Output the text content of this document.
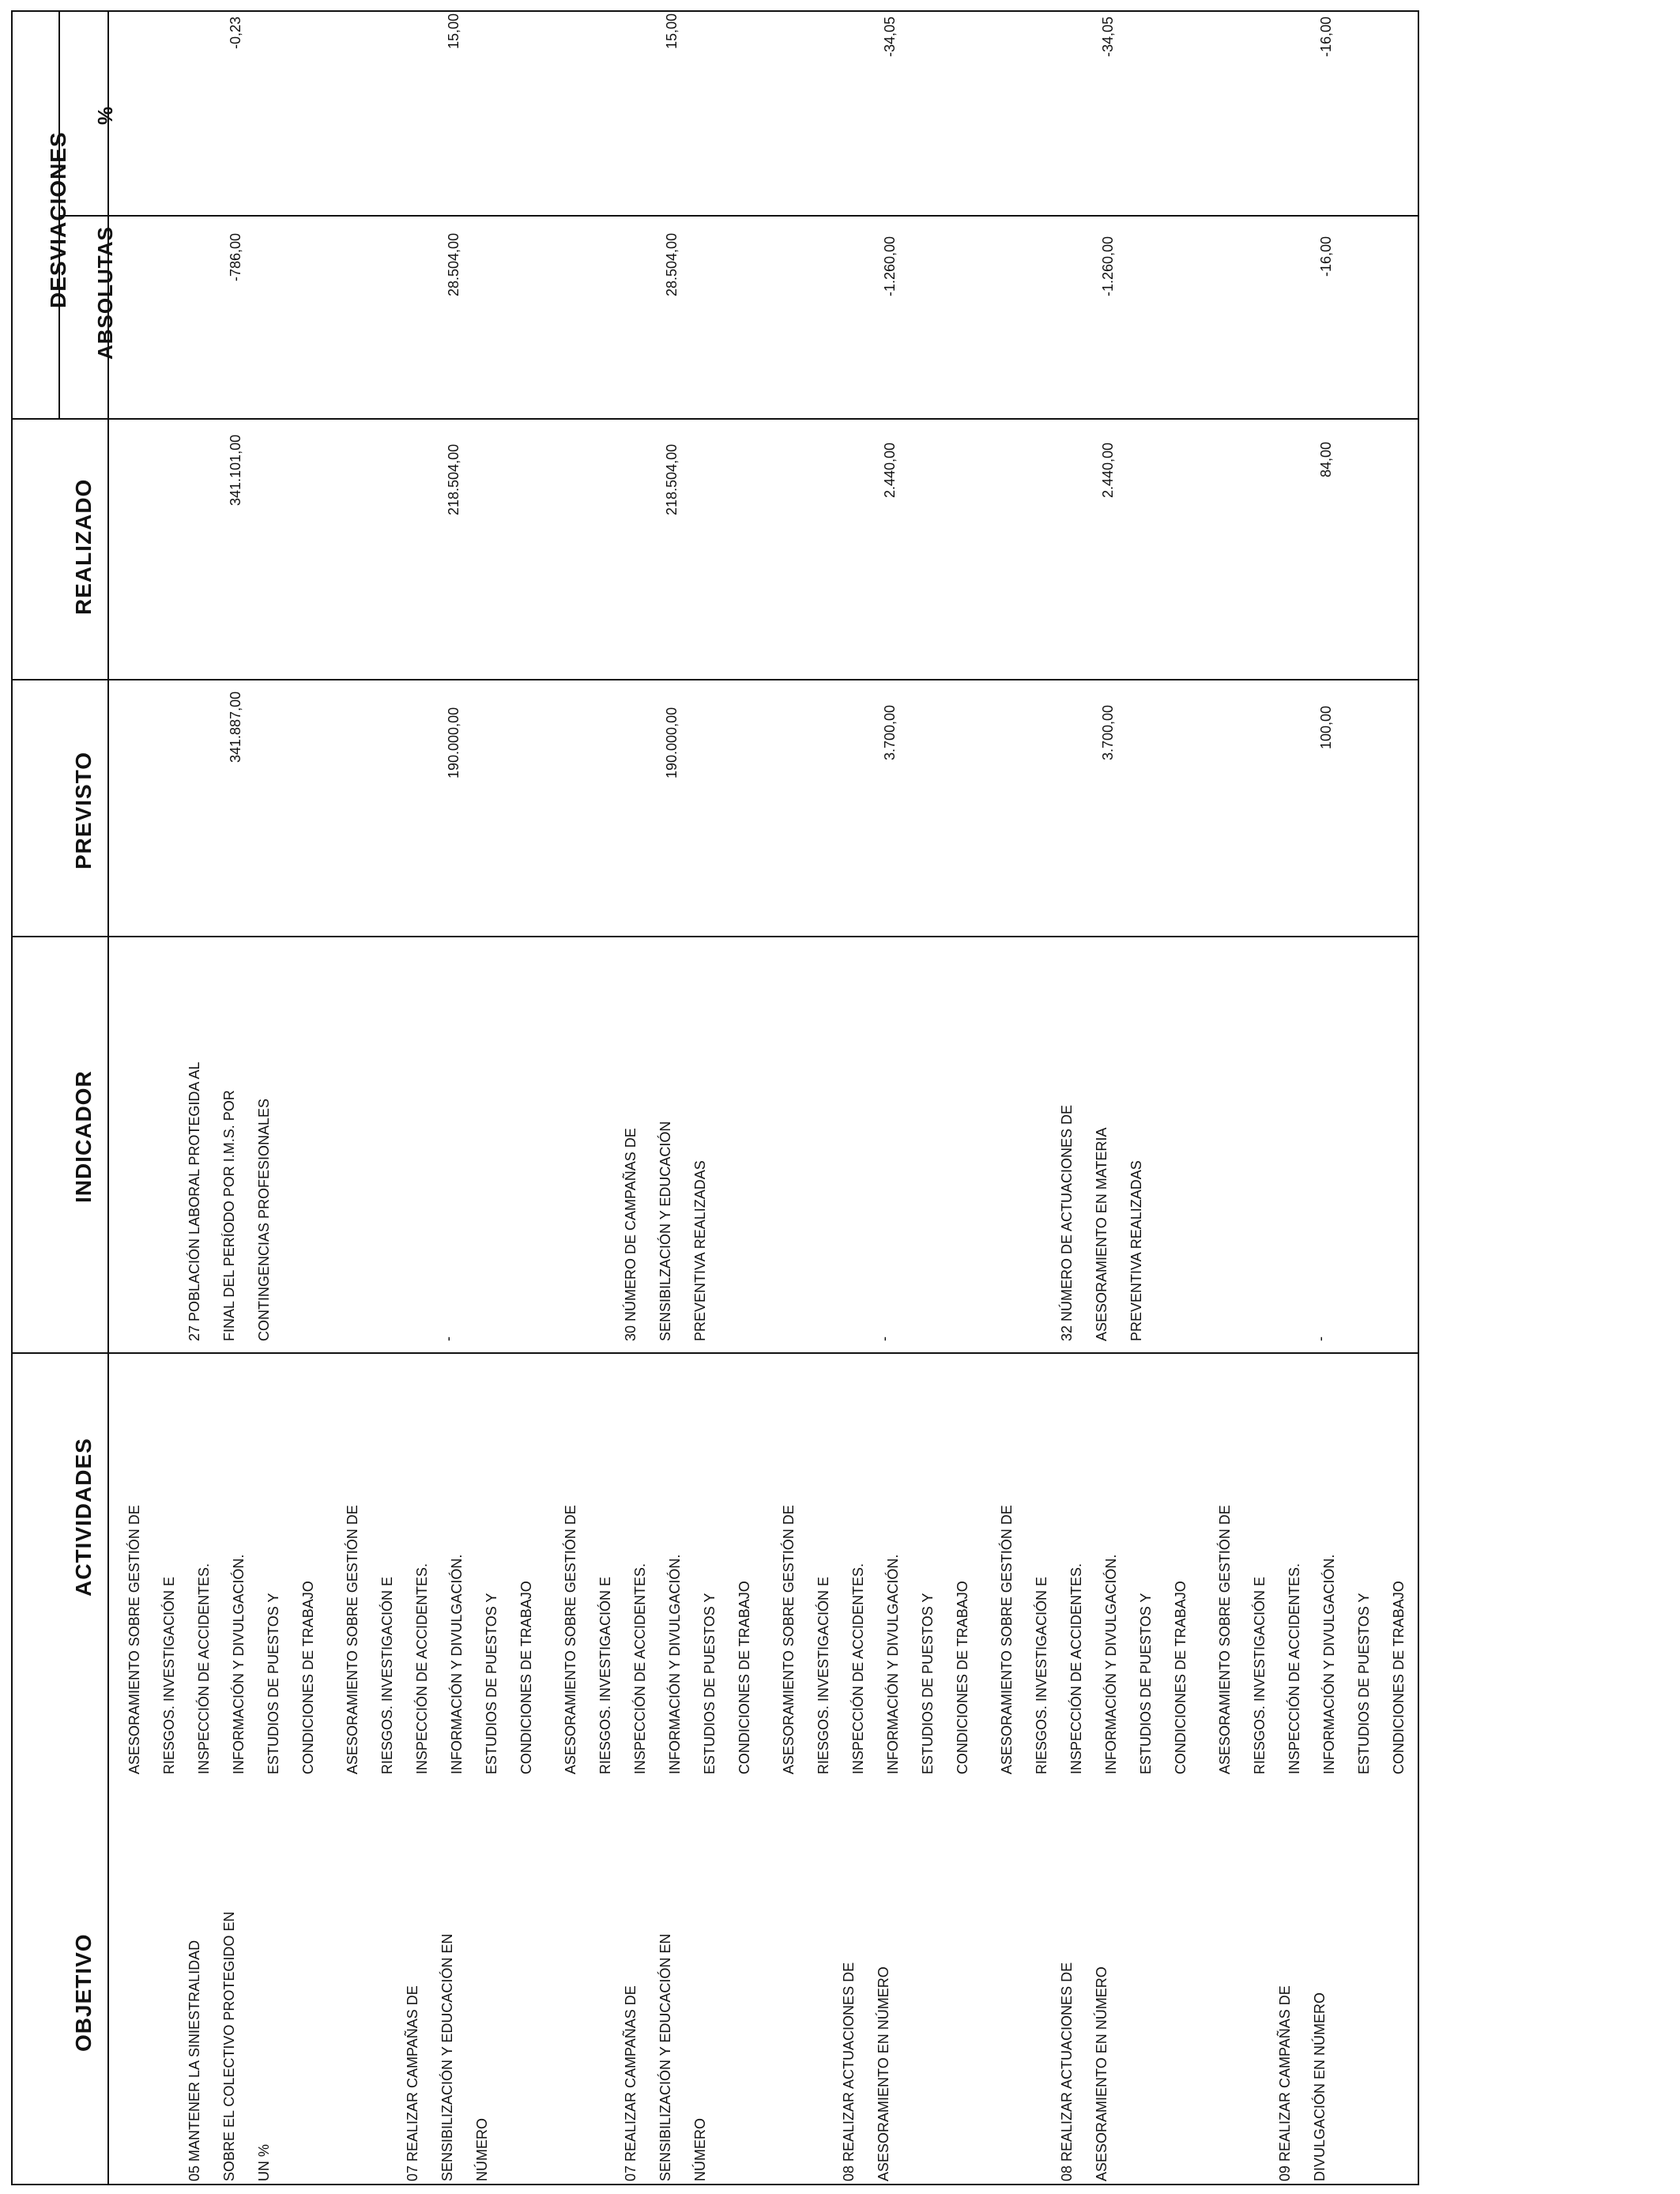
OBJETIVO
ACTIVIDADES
INDICADOR
PREVISTO
REALIZADO
DESVIACIONES ABSOLUTAS
%
05 MANTENER LA SINIESTRALIDAD
SOBRE EL COLECTIVO PROTEGIDO EN
UN %
ASESORAMIENTO SOBRE GESTIÓN DE
RIESGOS. INVESTIGACIÓN E
INSPECCIÓN DE ACCIDENTES.
INFORMACIÓN Y DIVULGACIÓN.
ESTUDIOS DE PUESTOS Y
CONDICIONES DE TRABAJO
27 POBLACIÓN LABORAL PROTEGIDA AL
FINAL DEL PERÍODO POR I.M.S. POR
CONTINGENCIAS PROFESIONALES
341.887,00
341.101,00
-786,00
-0,23
07 REALIZAR CAMPAÑAS DE
SENSIBILIZACIÓN Y EDUCACIÓN EN
NÚMERO
ASESORAMIENTO SOBRE GESTIÓN DE
RIESGOS. INVESTIGACIÓN E
INSPECCIÓN DE ACCIDENTES.
INFORMACIÓN Y DIVULGACIÓN.
ESTUDIOS DE PUESTOS Y
CONDICIONES DE TRABAJO
-
190.000,00
218.504,00
28.504,00
15,00
07 REALIZAR CAMPAÑAS DE
SENSIBILIZACIÓN Y EDUCACIÓN EN
NÚMERO
ASESORAMIENTO SOBRE GESTIÓN DE
RIESGOS. INVESTIGACIÓN E
INSPECCIÓN DE ACCIDENTES.
INFORMACIÓN Y DIVULGACIÓN.
ESTUDIOS DE PUESTOS Y
CONDICIONES DE TRABAJO
30 NÚMERO DE CAMPAÑAS DE
SENSIBILZACIÓN Y EDUCACIÓN
PREVENTIVA REALIZADAS
190.000,00
218.504,00
28.504,00
15,00
08 REALIZAR ACTUACIONES DE
ASESORAMIENTO EN NÚMERO
ASESORAMIENTO SOBRE GESTIÓN DE
RIESGOS. INVESTIGACIÓN E
INSPECCIÓN DE ACCIDENTES.
INFORMACIÓN Y DIVULGACIÓN.
ESTUDIOS DE PUESTOS Y
CONDICIONES DE TRABAJO
-
3.700,00
2.440,00
-1.260,00
-34,05
08 REALIZAR ACTUACIONES DE
ASESORAMIENTO EN NÚMERO
ASESORAMIENTO SOBRE GESTIÓN DE
RIESGOS. INVESTIGACIÓN E
INSPECCIÓN DE ACCIDENTES.
INFORMACIÓN Y DIVULGACIÓN.
ESTUDIOS DE PUESTOS Y
CONDICIONES DE TRABAJO
32 NÚMERO DE ACTUACIONES DE
ASESORAMIENTO EN MATERIA
PREVENTIVA REALIZADAS
3.700,00
2.440,00
-1.260,00
-34,05
09 REALIZAR CAMPAÑAS DE
DIVULGACIÓN EN NÚMERO
ASESORAMIENTO SOBRE GESTIÓN DE
RIESGOS. INVESTIGACIÓN E
INSPECCIÓN DE ACCIDENTES.
INFORMACIÓN Y DIVULGACIÓN.
ESTUDIOS DE PUESTOS Y
CONDICIONES DE TRABAJO
-
100,00
84,00
-16,00
-16,00
